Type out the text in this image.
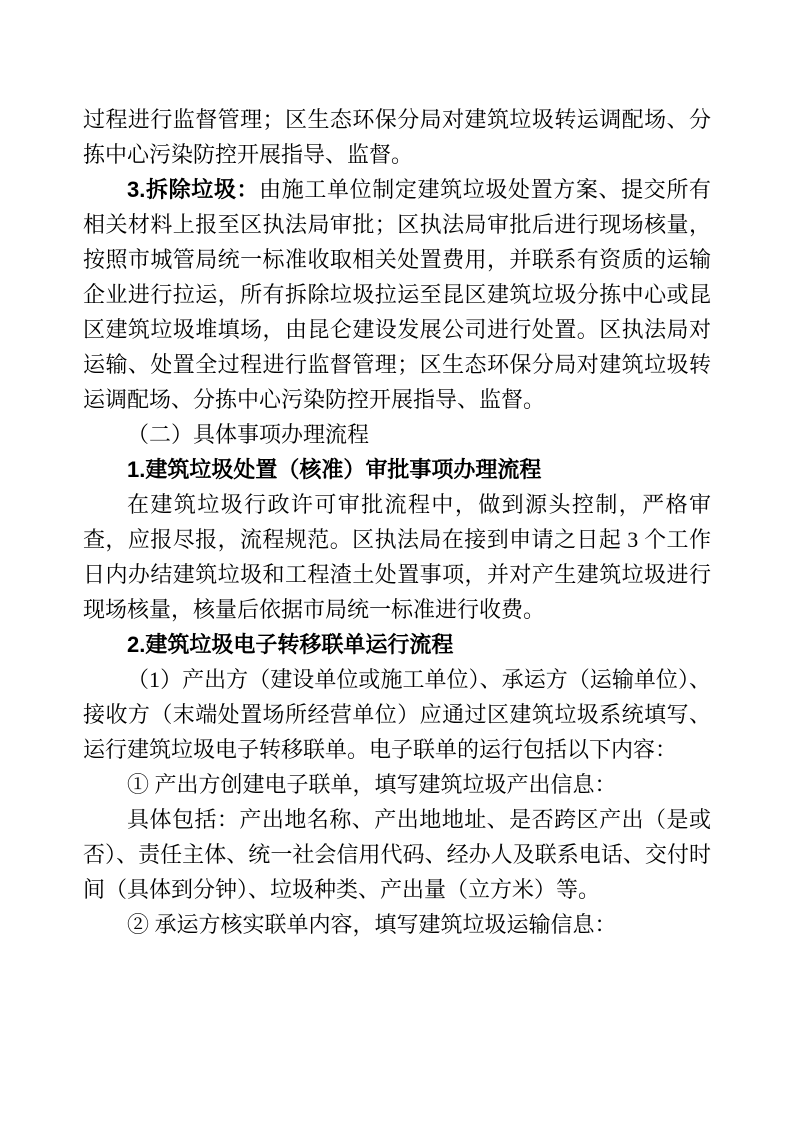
过程进行监督管理；区生态环保分局对建筑垃圾转运调配场、分拣中心污染防控开展指导、监督。

3.拆除垃圾：由施工单位制定建筑垃圾处置方案、提交所有相关材料上报至区执法局审批；区执法局审批后进行现场核量，按照市城管局统一标准收取相关处置费用，并联系有资质的运输企业进行拉运，所有拆除垃圾拉运至昆区建筑垃圾分拣中心或昆区建筑垃圾堆填场，由昆仑建设发展公司进行处置。区执法局对运输、处置全过程进行监督管理；区生态环保分局对建筑垃圾转运调配场、分拣中心污染防控开展指导、监督。

（二）具体事项办理流程

1.建筑垃圾处置（核准）审批事项办理流程

在建筑垃圾行政许可审批流程中，做到源头控制，严格审查，应报尽报，流程规范。区执法局在接到申请之日起 3 个工作日内办结建筑垃圾和工程渣土处置事项，并对产生建筑垃圾进行现场核量，核量后依据市局统一标准进行收费。

2.建筑垃圾电子转移联单运行流程

（1）产出方（建设单位或施工单位）、承运方（运输单位）、接收方（末端处置场所经营单位）应通过区建筑垃圾系统填写、运行建筑垃圾电子转移联单。电子联单的运行包括以下内容：

① 产出方创建电子联单，填写建筑垃圾产出信息：

具体包括：产出地名称、产出地地址、是否跨区产出（是或否）、责任主体、统一社会信用代码、经办人及联系电话、交付时间（具体到分钟）、垃圾种类、产出量（立方米）等。

② 承运方核实联单内容，填写建筑垃圾运输信息：
